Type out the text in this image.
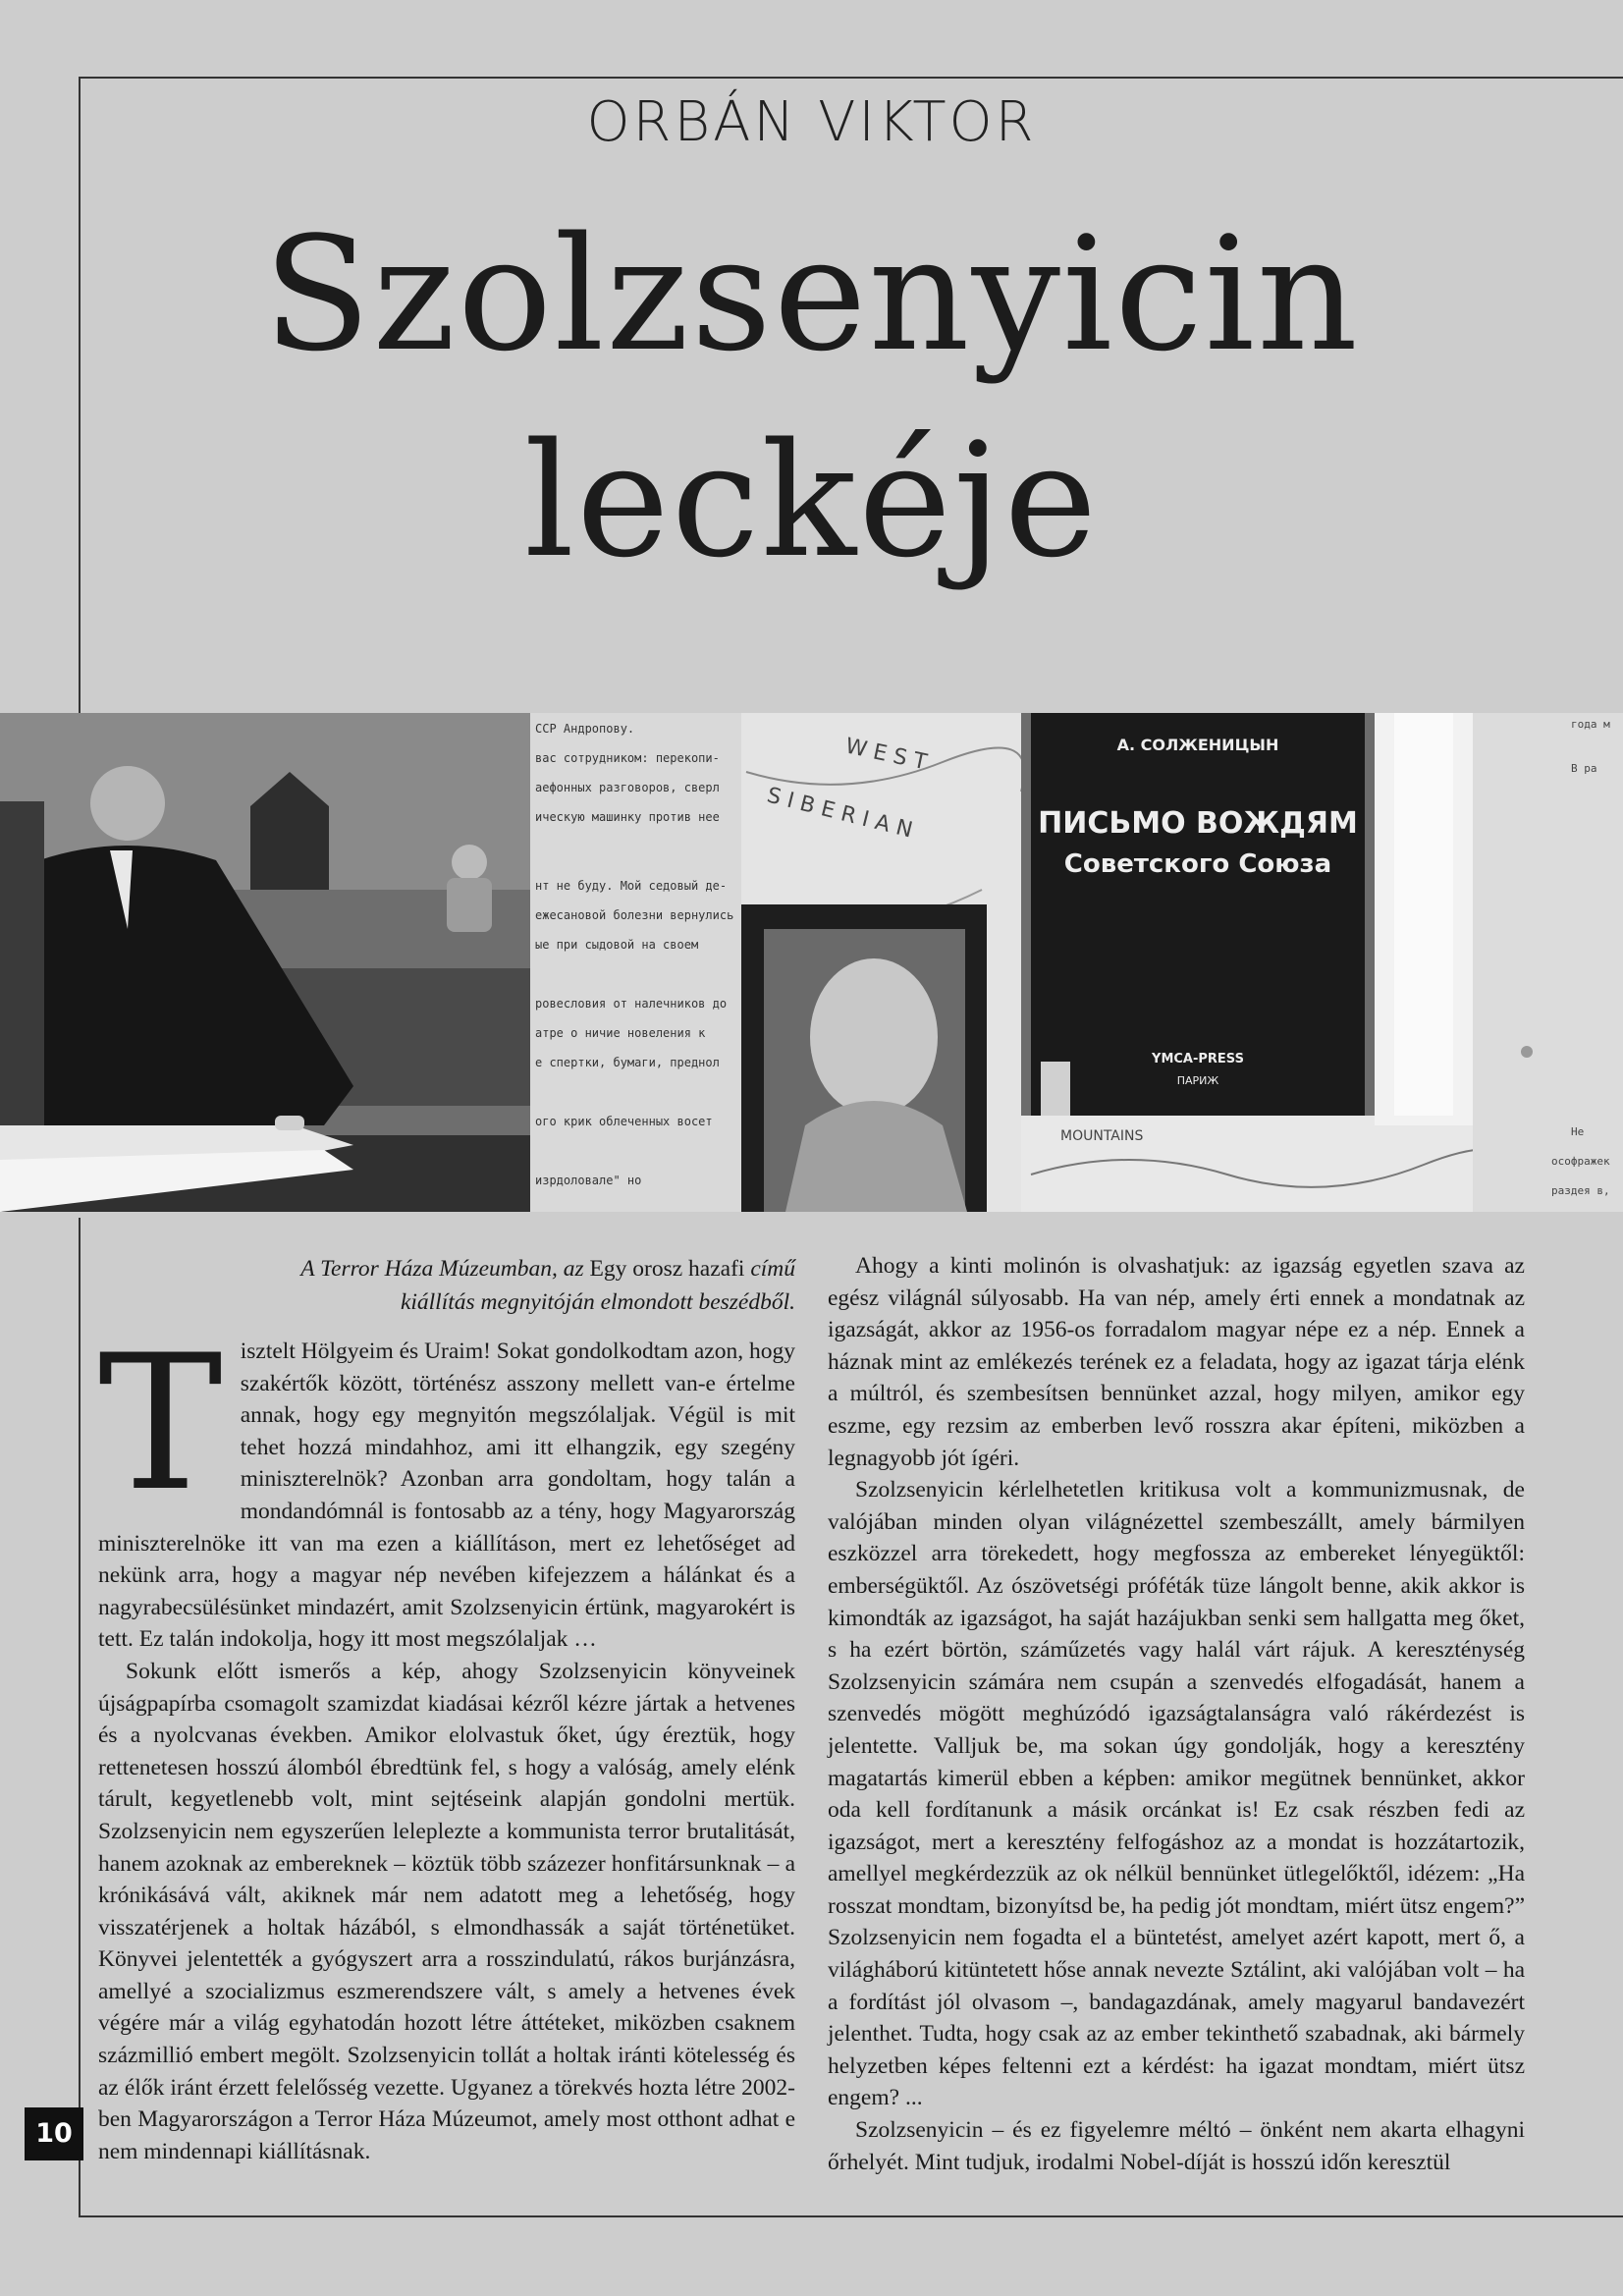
ORBÁN VIKTOR
Szolzsenyicin
leckéje
ССР Андропову.
вас сотрудником: перекопи-
аефонных разговоров, сверл
ическую машинку против нее
нт не буду. Мой седовый де-
ежесановой болезни вернулись
ые при сыдовой на своем
ровесловия от налечников до
атре о ничие новеления к
е спертки, бумаги, преднол
ого крик облеченных восет
изрдоловале" но
W E S T
S I B E R I A N
А. СОЛЖЕНИЦЫН
ПИСЬМО ВОЖДЯМ
Советского Союза
YMCA-PRESS
ПАРИЖ
MOUNTAINS
года м
В ра
Не
ософражек
раздея в,
A Terror Háza Múzeumban, az Egy orosz hazafi című
kiállítás megnyitóján elmondott beszédből.
T isztelt Hölgyeim és Uraim! Sokat gondolkodtam azon, hogy szakértők között, történész asszony mellett van-e értelme annak, hogy egy megnyitón megszólaljak. Végül is mit tehet hozzá mindahhoz, ami itt elhangzik, egy szegény miniszterelnök? Azonban arra gondoltam, hogy talán a mondandómnál is fontosabb az a tény, hogy Magyarország miniszterelnöke itt van ma ezen a kiállításon, mert ez lehetőséget ad nekünk arra, hogy a magyar nép nevében kifejezzem a hálánkat és a nagyrabecsülésünket mindazért, amit Szolzsenyicin értünk, magyarokért is tett. Ez talán indokolja, hogy itt most megszólaljak …

Sokunk előtt ismerős a kép, ahogy Szolzsenyicin könyveinek újságpapírba csomagolt szamizdat kiadásai kézről kézre jártak a hetvenes és a nyolcvanas években. Amikor elolvastuk őket, úgy éreztük, hogy rettenetesen hosszú álomból ébredtünk fel, s hogy a valóság, amely elénk tárult, kegyetlenebb volt, mint sejtéseink alapján gondolni mertük. Szolzsenyicin nem egyszerűen leleplezte a kommunista terror brutalitását, hanem azoknak az embereknek – köztük több százezer honfitársunknak – a krónikásává vált, akiknek már nem adatott meg a lehetőség, hogy visszatérjenek a holtak házából, s elmondhassák a saját történetüket. Könyvei jelentették a gyógyszert arra a rosszindulatú, rákos burjánzásra, amellyé a szocializmus eszmerendszere vált, s amely a hetvenes évek végére már a világ egyhatodán hozott létre áttéteket, miközben csaknem százmillió embert megölt. Szolzsenyicin tollát a holtak iránti kötelesség és az élők iránt érzett felelősség vezette. Ugyanez a törekvés hozta létre 2002-ben Magyarországon a Terror Háza Múzeumot, amely most otthont adhat e nem mindennapi kiállításnak.

Ahogy a kinti molinón is olvashatjuk: az igazság egyetlen szava az egész világnál súlyosabb. Ha van nép, amely érti ennek a mondatnak az igazságát, akkor az 1956-os forradalom magyar népe ez a nép. Ennek a háznak mint az emlékezés terének ez a feladata, hogy az igazat tárja elénk a múltról, és szembesítsen bennünket azzal, hogy milyen, amikor egy eszme, egy rezsim az emberben levő rosszra akar építeni, miközben a legnagyobb jót ígéri.

Szolzsenyicin kérlelhetetlen kritikusa volt a kommunizmusnak, de valójában minden olyan világnézettel szembeszállt, amely bármilyen eszközzel arra törekedett, hogy megfossza az embereket lényegüktől: emberségüktől. Az ószövetségi próféták tüze lángolt benne, akik akkor is kimondták az igazságot, ha saját hazájukban senki sem hallgatta meg őket, s ha ezért börtön, száműzetés vagy halál várt rájuk. A kereszténység Szolzsenyicin számára nem csupán a szenvedés elfogadását, hanem a szenvedés mögött meghúzódó igazságtalanságra való rákérdezést is jelentette. Valljuk be, ma sokan úgy gondolják, hogy a keresztény magatartás kimerül ebben a képben: amikor megütnek bennünket, akkor oda kell fordítanunk a másik orcánkat is! Ez csak részben fedi az igazságot, mert a keresztény felfogáshoz az a mondat is hozzátartozik, amellyel megkérdezzük az ok nélkül bennünket ütlegelőktől, idézem: „Ha rosszat mondtam, bizonyítsd be, ha pedig jót mondtam, miért ütsz engem?” Szolzsenyicin nem fogadta el a büntetést, amelyet azért kapott, mert ő, a világháború kitüntetett hőse annak nevezte Sztálint, aki valójában volt – ha a fordítást jól olvasom –, bandagazdának, amely magyarul bandavezért jelenthet. Tudta, hogy csak az az ember tekinthető szabadnak, aki bármely helyzetben képes feltenni ezt a kérdést: ha igazat mondtam, miért ütsz engem? ...

Szolzsenyicin – és ez figyelemre méltó – önként nem akarta elhagyni őrhelyét. Mint tudjuk, irodalmi Nobel-díját is hosszú időn keresztül

10
